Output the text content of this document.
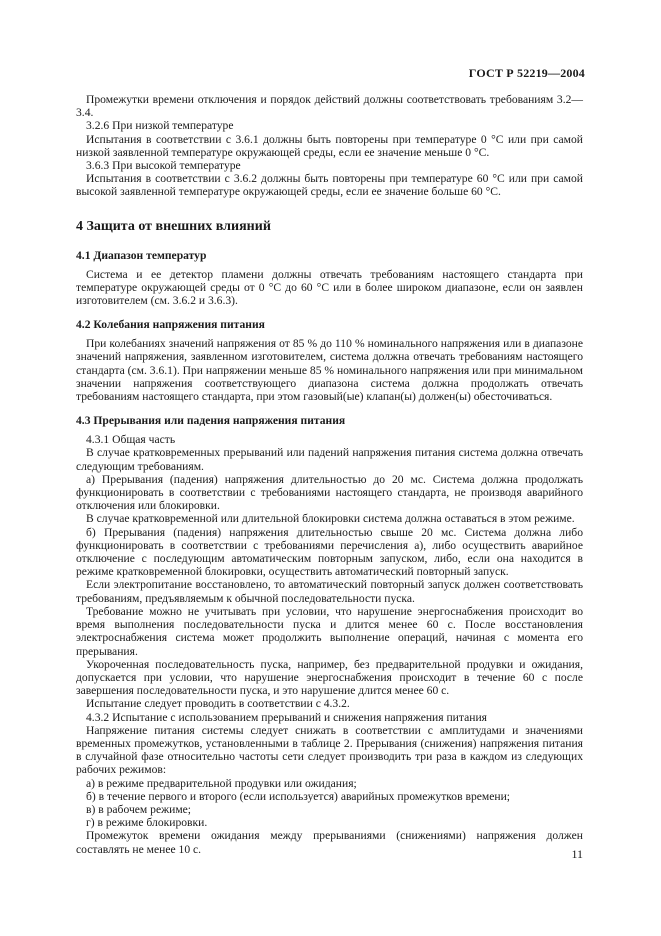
ГОСТ Р 52219—2004

Промежутки времени отключения и порядок действий должны соответствовать требованиям 3.2—3.4.

3.2.6 При низкой температуре

Испытания в соответствии с 3.6.1 должны быть повторены при температуре 0 °С или при самой низкой заявленной температуре окружающей среды, если ее значение меньше 0 °С.

3.6.3 При высокой температуре

Испытания в соответствии с 3.6.2 должны быть повторены при температуре 60 °С или при самой высокой заявленной температуре окружающей среды, если ее значение больше 60 °С.

4 Защита от внешних влияний
4.1 Диапазон температур

Система и ее детектор пламени должны отвечать требованиям настоящего стандарта при температуре окружающей среды от 0 °С до 60 °С или в более широком диапазоне, если он заявлен изготовителем (см. 3.6.2 и 3.6.3).

4.2 Колебания напряжения питания

При колебаниях значений напряжения от 85 % до 110 % номинального напряжения или в диапазоне значений напряжения, заявленном изготовителем, система должна отвечать требованиям настоящего стандарта (см. 3.6.1). При напряжении меньше 85 % номинального напряжения или при минимальном значении напряжения соответствующего диапазона система должна продолжать отвечать требованиям настоящего стандарта, при этом газовый(ые) клапан(ы) должен(ы) обесточиваться.

4.3 Прерывания или падения напряжения питания

4.3.1 Общая часть

В случае кратковременных прерываний или падений напряжения питания система должна отвечать следующим требованиям.

а) Прерывания (падения) напряжения длительностью до 20 мс. Система должна продолжать функционировать в соответствии с требованиями настоящего стандарта, не производя аварийного отключения или блокировки.

В случае кратковременной или длительной блокировки система должна оставаться в этом режиме.

б) Прерывания (падения) напряжения длительностью свыше 20 мс. Система должна либо функционировать в соответствии с требованиями перечисления а), либо осуществить аварийное отключение с последующим автоматическим повторным запуском, либо, если она находится в режиме кратковременной блокировки, осуществить автоматический повторный запуск.

Если электропитание восстановлено, то автоматический повторный запуск должен соответствовать требованиям, предъявляемым к обычной последовательности пуска.

Требование можно не учитывать при условии, что нарушение энергоснабжения происходит во время выполнения последовательности пуска и длится менее 60 с. После восстановления электроснабжения система может продолжить выполнение операций, начиная с момента его прерывания.

Укороченная последовательность пуска, например, без предварительной продувки и ожидания, допускается при условии, что нарушение энергоснабжения происходит в течение 60 с после завершения последовательности пуска, и это нарушение длится менее 60 с.

Испытание следует проводить в соответствии с 4.3.2.

4.3.2 Испытание с использованием прерываний и снижения напряжения питания

Напряжение питания системы следует снижать в соответствии с амплитудами и значениями временных промежутков, установленными в таблице 2. Прерывания (снижения) напряжения питания в случайной фазе относительно частоты сети следует производить три раза в каждом из следующих рабочих режимов:

а) в режиме предварительной продувки или ожидания;

б) в течение первого и второго (если используется) аварийных промежутков времени;

в) в рабочем режиме;

г) в режиме блокировки.

Промежуток времени ожидания между прерываниями (снижениями) напряжения должен составлять не менее 10 с.	11
